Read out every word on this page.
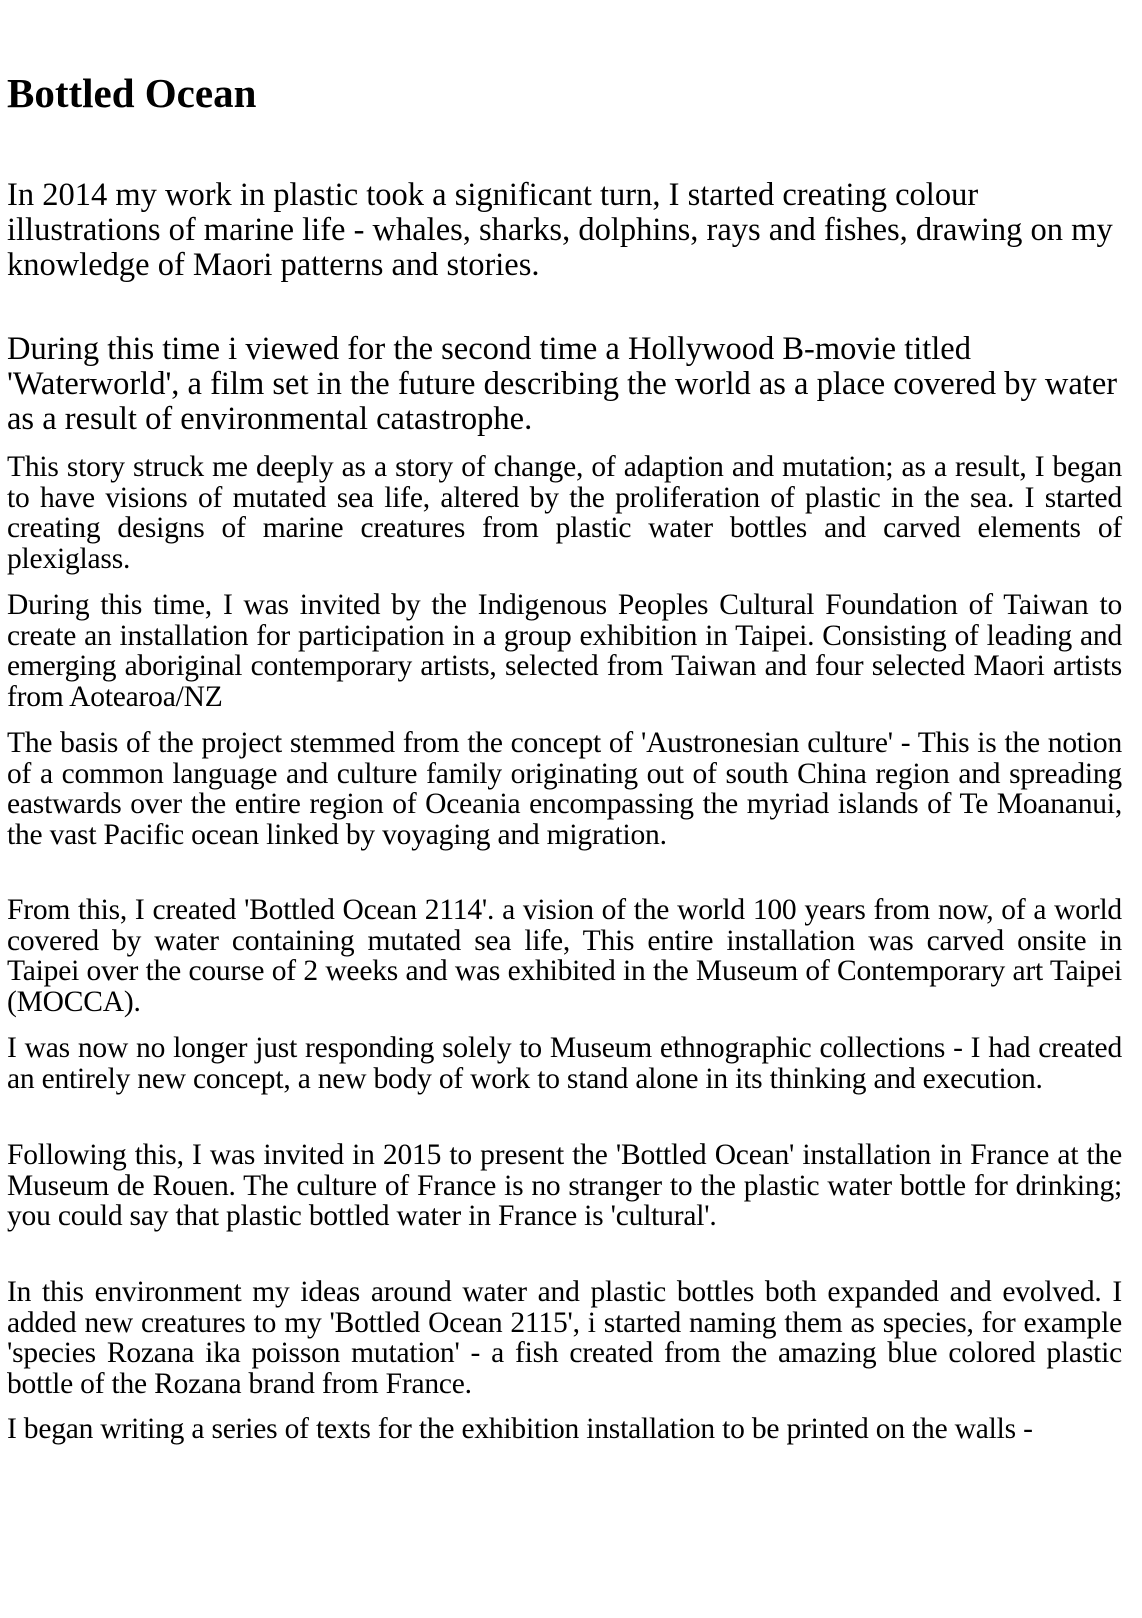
Bottled Ocean

In 2014 my work in plastic took a significant turn, I started creating colour illustrations of marine life - whales, sharks, dolphins, rays and fishes, drawing on my knowledge of Maori patterns and stories.

During this time i viewed for the second time a Hollywood B-movie titled 'Waterworld', a film set in the future describing the world as a place covered by water as a result of environmental catastrophe.

This story struck me deeply as a story of change, of adaption and mutation; as a result, I began to have visions of mutated sea life, altered by the proliferation of plastic in the sea. I started creating designs of marine creatures from plastic water bottles and carved elements of plexiglass.

During this time, I was invited by the Indigenous Peoples Cultural Foundation of Taiwan to create an installation for participation in a group exhibition in Taipei. Consisting of leading and emerging aboriginal contemporary artists, selected from Taiwan and four selected Maori artists from Aotearoa/NZ

The basis of the project stemmed from the concept of 'Austronesian culture' - This is the notion of a common language and culture family originating out of south China region and spreading eastwards over the entire region of Oceania encompassing the myriad islands of Te Moananui, the vast Pacific ocean linked by voyaging and migration.

From this, I created 'Bottled Ocean 2114'. a vision of the world 100 years from now, of a world covered by water containing mutated sea life, This entire installation was carved onsite in Taipei over the course of 2 weeks and was exhibited in the Museum of Contemporary art Taipei (MOCCA).

I was now no longer just responding solely to Museum ethnographic collections - I had created an entirely new concept, a new body of work to stand alone in its thinking and execution.

Following this, I was invited in 2015 to present the 'Bottled Ocean' installation in France at the Museum de Rouen. The culture of France is no stranger to the plastic water bottle for drinking; you could say that plastic bottled water in France is 'cultural'.

In this environment my ideas around water and plastic bottles both expanded and evolved. I added new creatures to my 'Bottled Ocean 2115', i started naming them as species, for example 'species Rozana ika poisson mutation' - a fish created from the amazing blue colored plastic bottle of the Rozana brand from France.

I began writing a series of texts for the exhibition installation to be printed on the walls -
